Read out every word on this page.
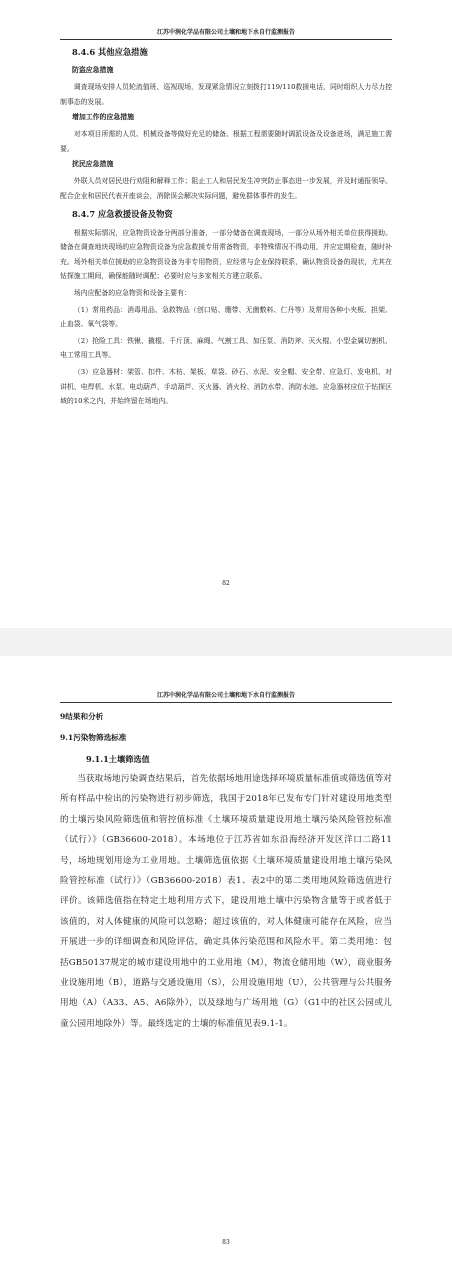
江苏中润化学品有限公司土壤和地下水自行监测报告
8.4.6 其他应急措施
防盗应急措施
调查现场安排人员轮流值班、巡视现场，发现紧急情况立刻拨打119/110救援电话，同时组织人力尽力控制事态的发展。
增加工作的应急措施
对本项目所需的人员、机械设备等做好充足的储备。根据工程需要随时调派设备及设备进场，满足施工需要。
扰民应急措施
外联人员对居民进行劝阻和解释工作；阻止工人和居民发生冲突防止事态进一步发展，并及时通报领导。配合企业和居民代表开座谈会，消除误会解决实际问题，避免群体事件的发生。
8.4.7 应急救援设备及物资
根据实际情况，应急物资设备分两部分准备，一部分储备在调查现场，一部分从场外相关单位获得援助。储备在调查地块现场的应急物资设备为应急救援专用常备物资，非特殊情况不得动用，并应定期检查，随时补充。场外相关单位援助的应急物资设备为非专用物资，应经常与企业保持联系，确认物资设备的现状，尤其在钻探施工期间，确保能随时调配；必要时应与多家相关方建立联系。
场内应配备的应急物资和设备主要有：
（1）常用药品：消毒用品、急救物品（创口贴、绷带、无菌敷料、仁丹等）及常用各种小夹板、担架、止血袋、氧气袋等。
（2）抢险工具：铁锹、撬棍、千斤顶、麻绳、气割工具、加压泵、消防斧、灭火棍、小型金属切割机、电工常用工具等。
（3）应急器材：架管、扣件、木枋、架板、草袋、砂石、水泥、安全帽、安全带、应急灯、发电机、对讲机、电焊机、水泵、电动葫芦、手动葫芦、灭火器、消火栓、消防水带、消防水池。应急器材应位于钻探区域的10米之内，并始终留在场地内。
82
江苏中润化学品有限公司土壤和地下水自行监测报告
9结果和分析
9.1污染物筛选标准
9.1.1土壤筛选值
当获取场地污染调查结果后，首先依据场地用途选择环境质量标准值或筛选值等对所有样品中检出的污染物进行初步筛选，我国于2018年已发布专门针对建设用地类型的土壤污染风险筛选值和管控值标准《土壤环境质量建设用地土壤污染风险管控标准（试行）》（GB36600-2018）。本场地位于江苏省如东沿海经济开发区洋口二路11号，场地规划用途为工业用地。土壤筛选值依据《土壤环境质量建设用地土壤污染风险管控标准（试行）》（GB36600-2018）表1、表2中的第二类用地风险筛选值进行评价。该筛选值指在特定土地利用方式下，建设用地土壤中污染物含量等于或者低于该值的，对人体健康的风险可以忽略；超过该值的，对人体健康可能存在风险，应当开展进一步的详细调查和风险评估，确定具体污染范围和风险水平。第二类用地：包括GB50137规定的城市建设用地中的工业用地（M），物流仓储用地（W），商业服务业设施用地（B），道路与交通设施用（S），公用设施用地（U），公共管理与公共服务用地（A）（A33、A5、A6除外），以及绿地与广场用地（G）（G1中的社区公园或儿童公园用地除外）等。最终选定的土壤的标准值见表9.1-1。
83
